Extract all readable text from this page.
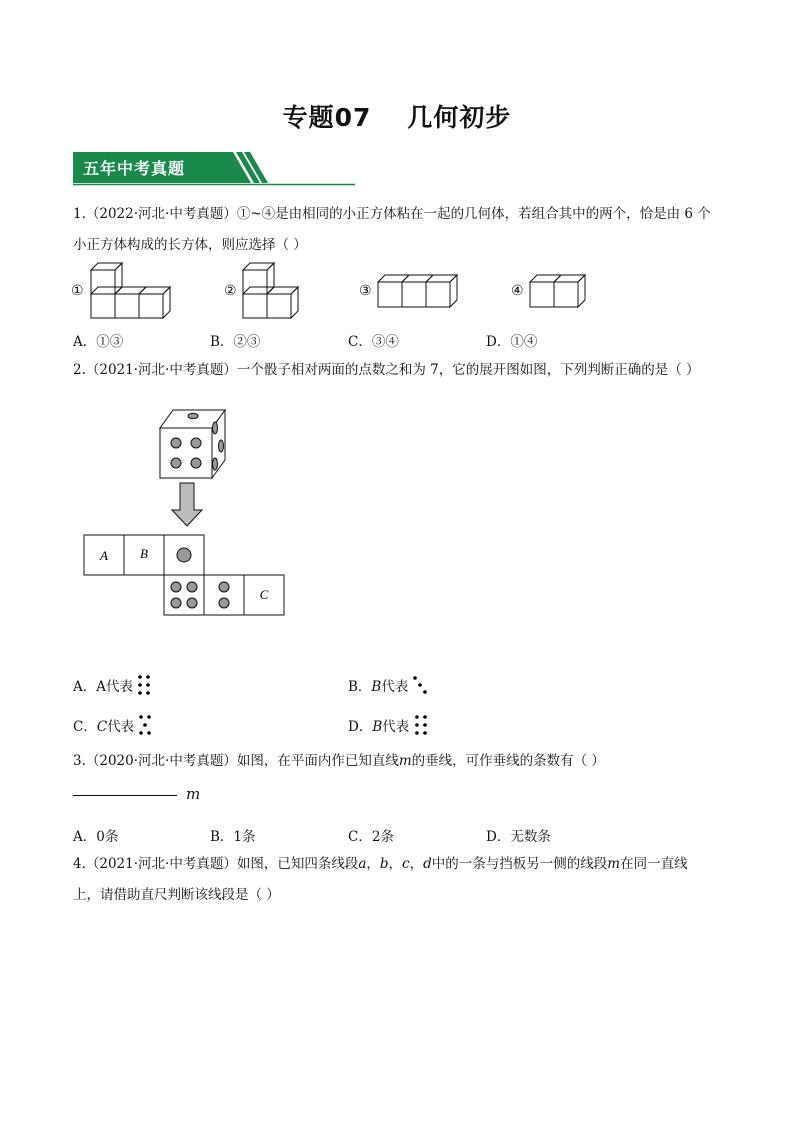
专题07 几何初步
五年中考真题
1.（2022·河北·中考真题）①~④是由相同的小正方体粘在一起的几何体，若组合其中的两个，恰是由 6 个
小正方体构成的长方体，则应选择（ ）
①	②	③	④
A．①③	B．②③	C．③④	D．①④
2.（2021·河北·中考真题）一个骰子相对两面的点数之和为 7，它的展开图如图，下列判断正确的是（ ）
A B
C
A．A代表	B．B代表
C．C代表	D．B代表
3.（2020·河北·中考真题）如图，在平面内作已知直线m的垂线，可作垂线的条数有（ ）
m
A．0条	B．1条	C．2条	D．无数条
4.（2021·河北·中考真题）如图，已知四条线段a，b，c，d中的一条与挡板另一侧的线段m在同一直线
上，请借助直尺判断该线段是（ ）
